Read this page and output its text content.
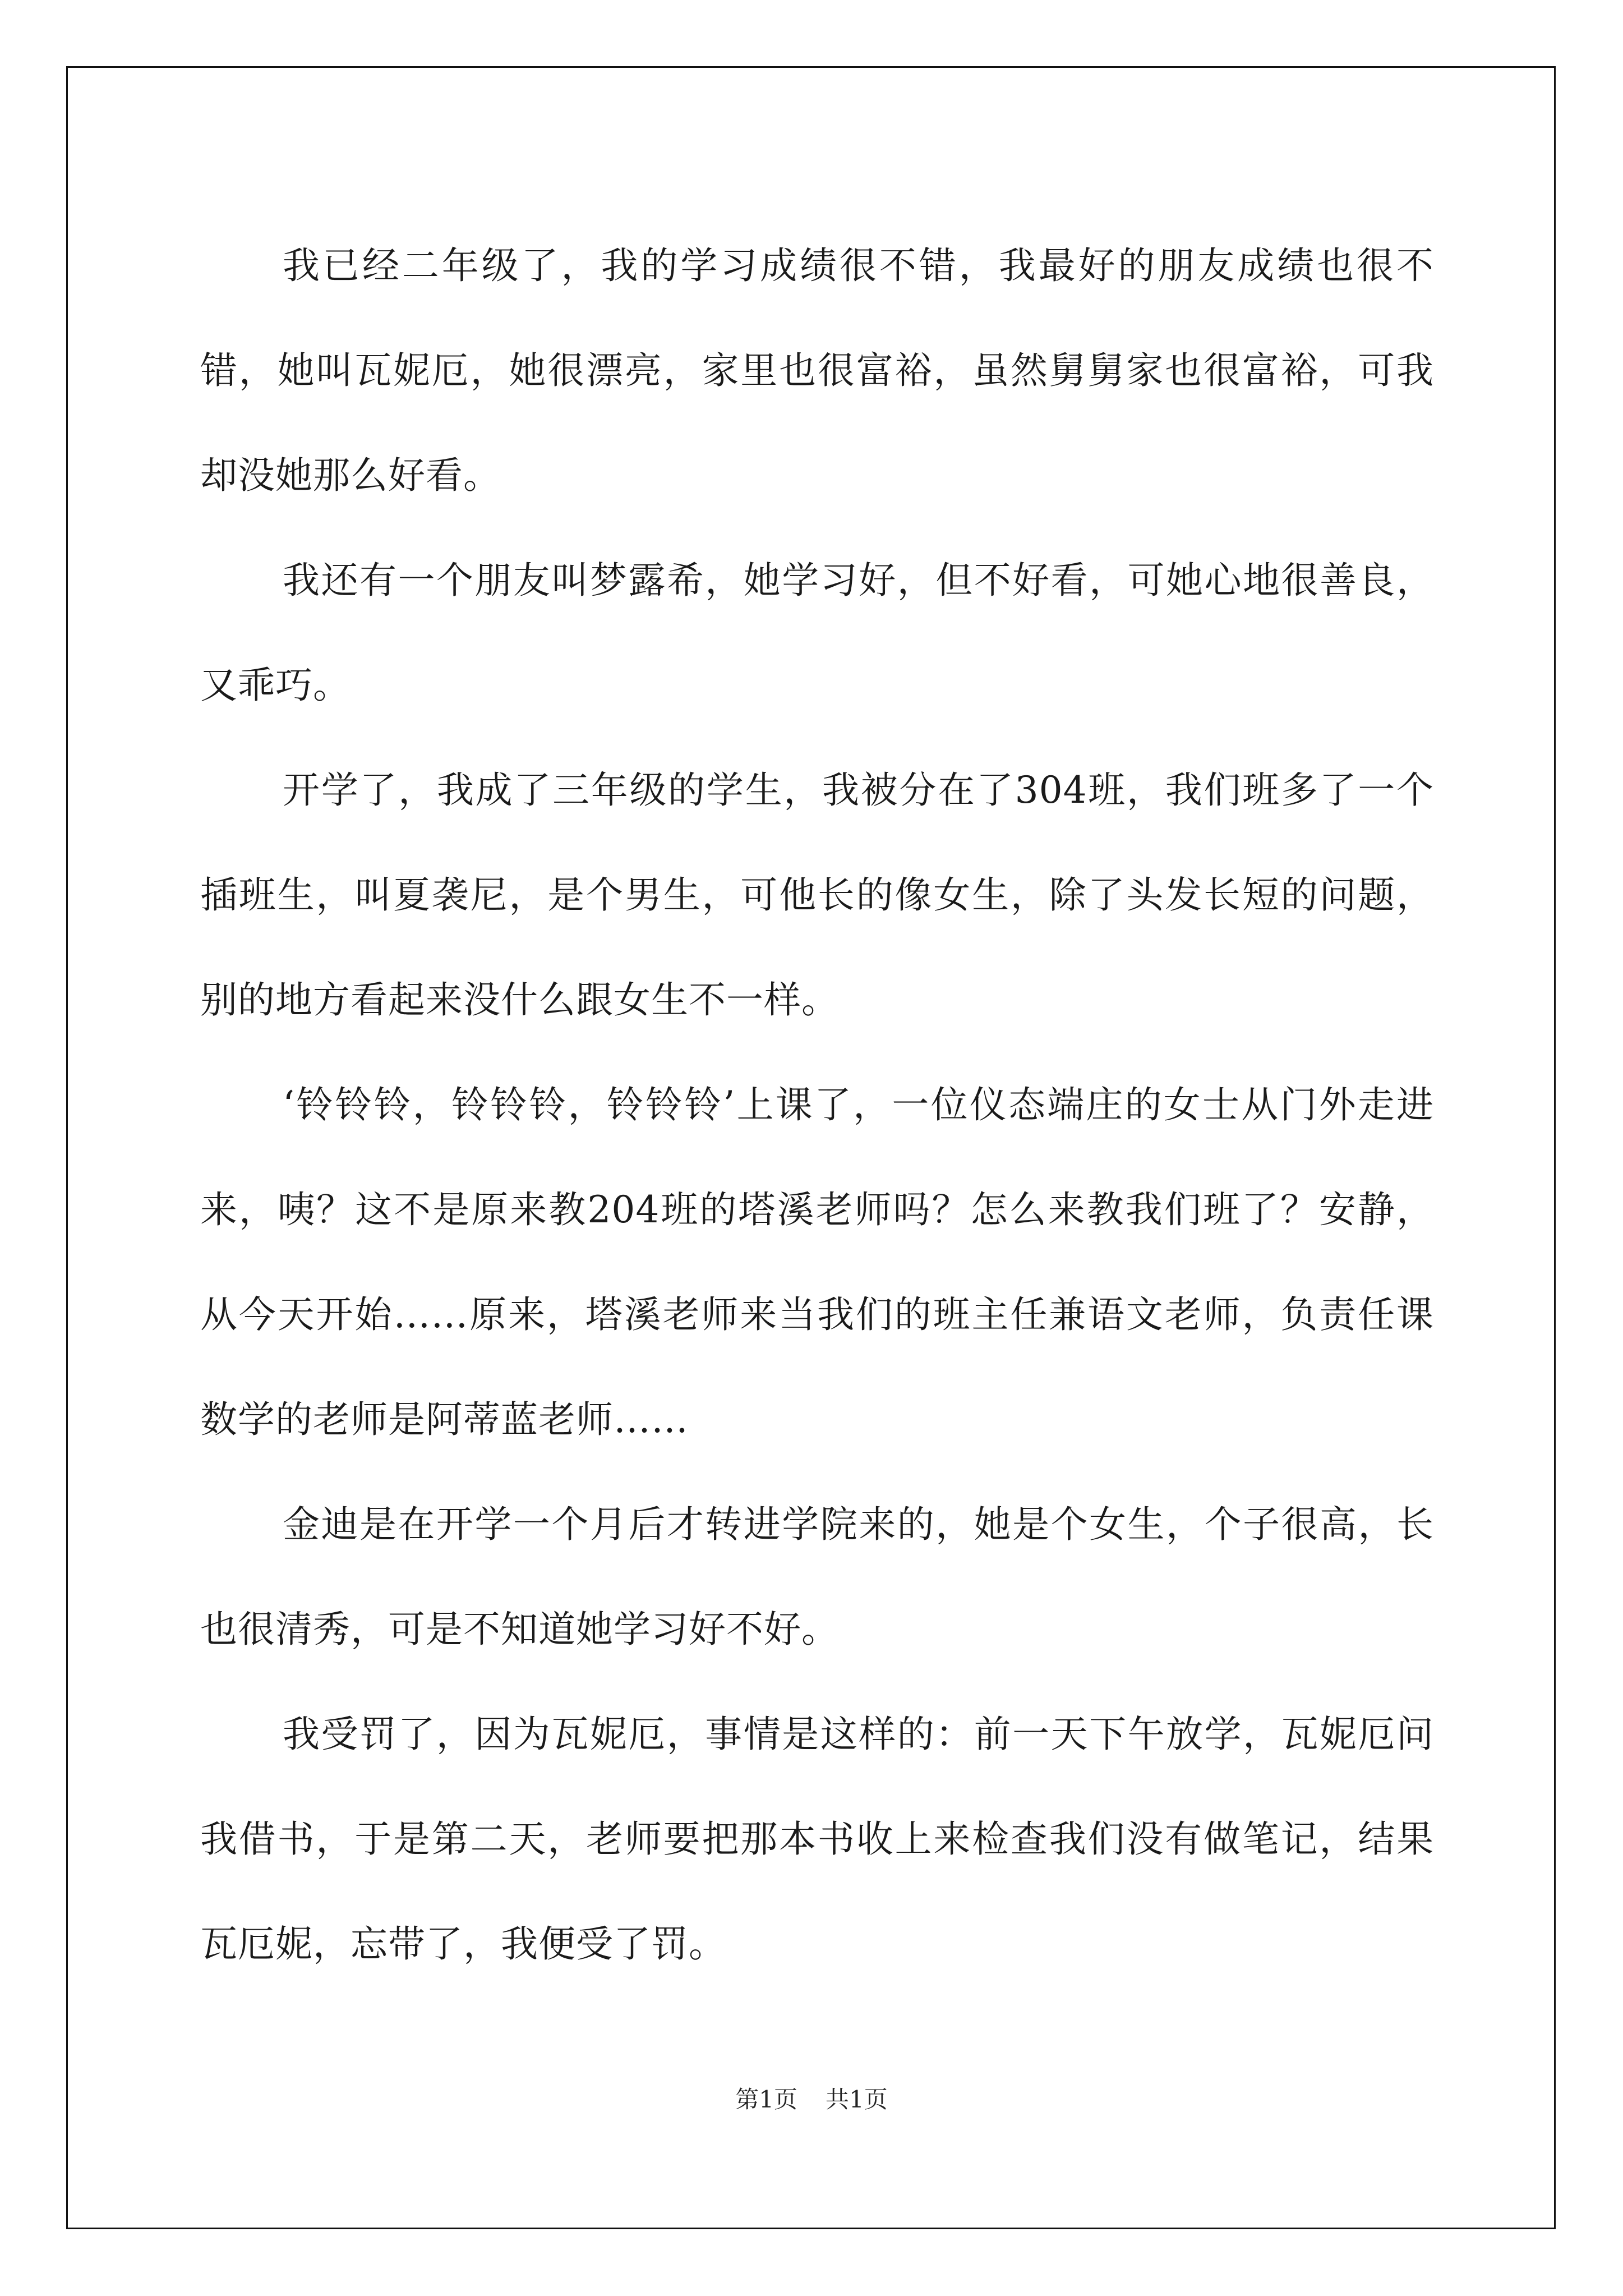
我已经二年级了，我的学习成绩很不错，我最好的朋友成绩也很不错，她叫瓦妮厄，她很漂亮，家里也很富裕，虽然舅舅家也很富裕，可我却没她那么好看。

我还有一个朋友叫梦露希，她学习好，但不好看，可她心地很善良，又乖巧。

开学了，我成了三年级的学生，我被分在了304班，我们班多了一个插班生，叫夏袭尼，是个男生，可他长的像女生，除了头发长短的问题，别的地方看起来没什么跟女生不一样。

‘铃铃铃，铃铃铃，铃铃铃’上课了，一位仪态端庄的女士从门外走进来，咦？这不是原来教204班的塔溪老师吗？怎么来教我们班了？安静，从今天开始……原来，塔溪老师来当我们的班主任兼语文老师，负责任课数学的老师是阿蒂蓝老师……

金迪是在开学一个月后才转进学院来的，她是个女生，个子很高，长也很清秀，可是不知道她学习好不好。

我受罚了，因为瓦妮厄，事情是这样的：前一天下午放学，瓦妮厄问我借书，于是第二天，老师要把那本书收上来检查我们没有做笔记，结果瓦厄妮，忘带了，我便受了罚。

第1页 共1页
